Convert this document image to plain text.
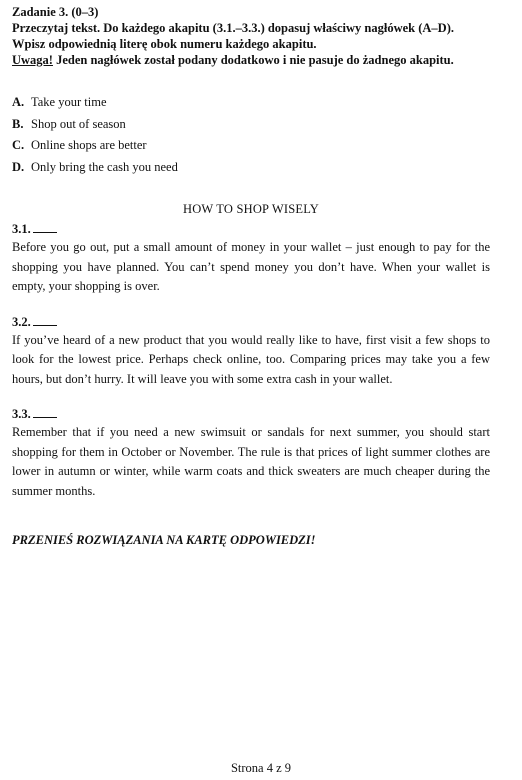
Zadanie 3. (0–3)

Przeczytaj tekst. Do każdego akapitu (3.1.–3.3.) dopasuj właściwy nagłówek (A–D).
Wpisz odpowiednią literę obok numeru każdego akapitu.
Uwaga! Jeden nagłówek został podany dodatkowo i nie pasuje do żadnego akapitu.

A. Take your time
B. Shop out of season
C. Online shops are better
D. Only bring the cash you need

HOW TO SHOP WISELY

3.1.

Before you go out, put a small amount of money in your wallet – just enough to pay for the shopping you have planned. You can’t spend money you don’t have. When your wallet is empty, your shopping is over.

3.2.

If you’ve heard of a new product that you would really like to have, first visit a few shops to look for the lowest price. Perhaps check online, too. Comparing prices may take you a few hours, but don’t hurry. It will leave you with some extra cash in your wallet.

3.3.

Remember that if you need a new swimsuit or sandals for next summer, you should start shopping for them in October or November. The rule is that prices of light summer clothes are lower in autumn or winter, while warm coats and thick sweaters are much cheaper during the summer months.

PRZENIEŚ ROZWIĄZANIA NA KARTĘ ODPOWIEDZI!

Strona 4 z 9
